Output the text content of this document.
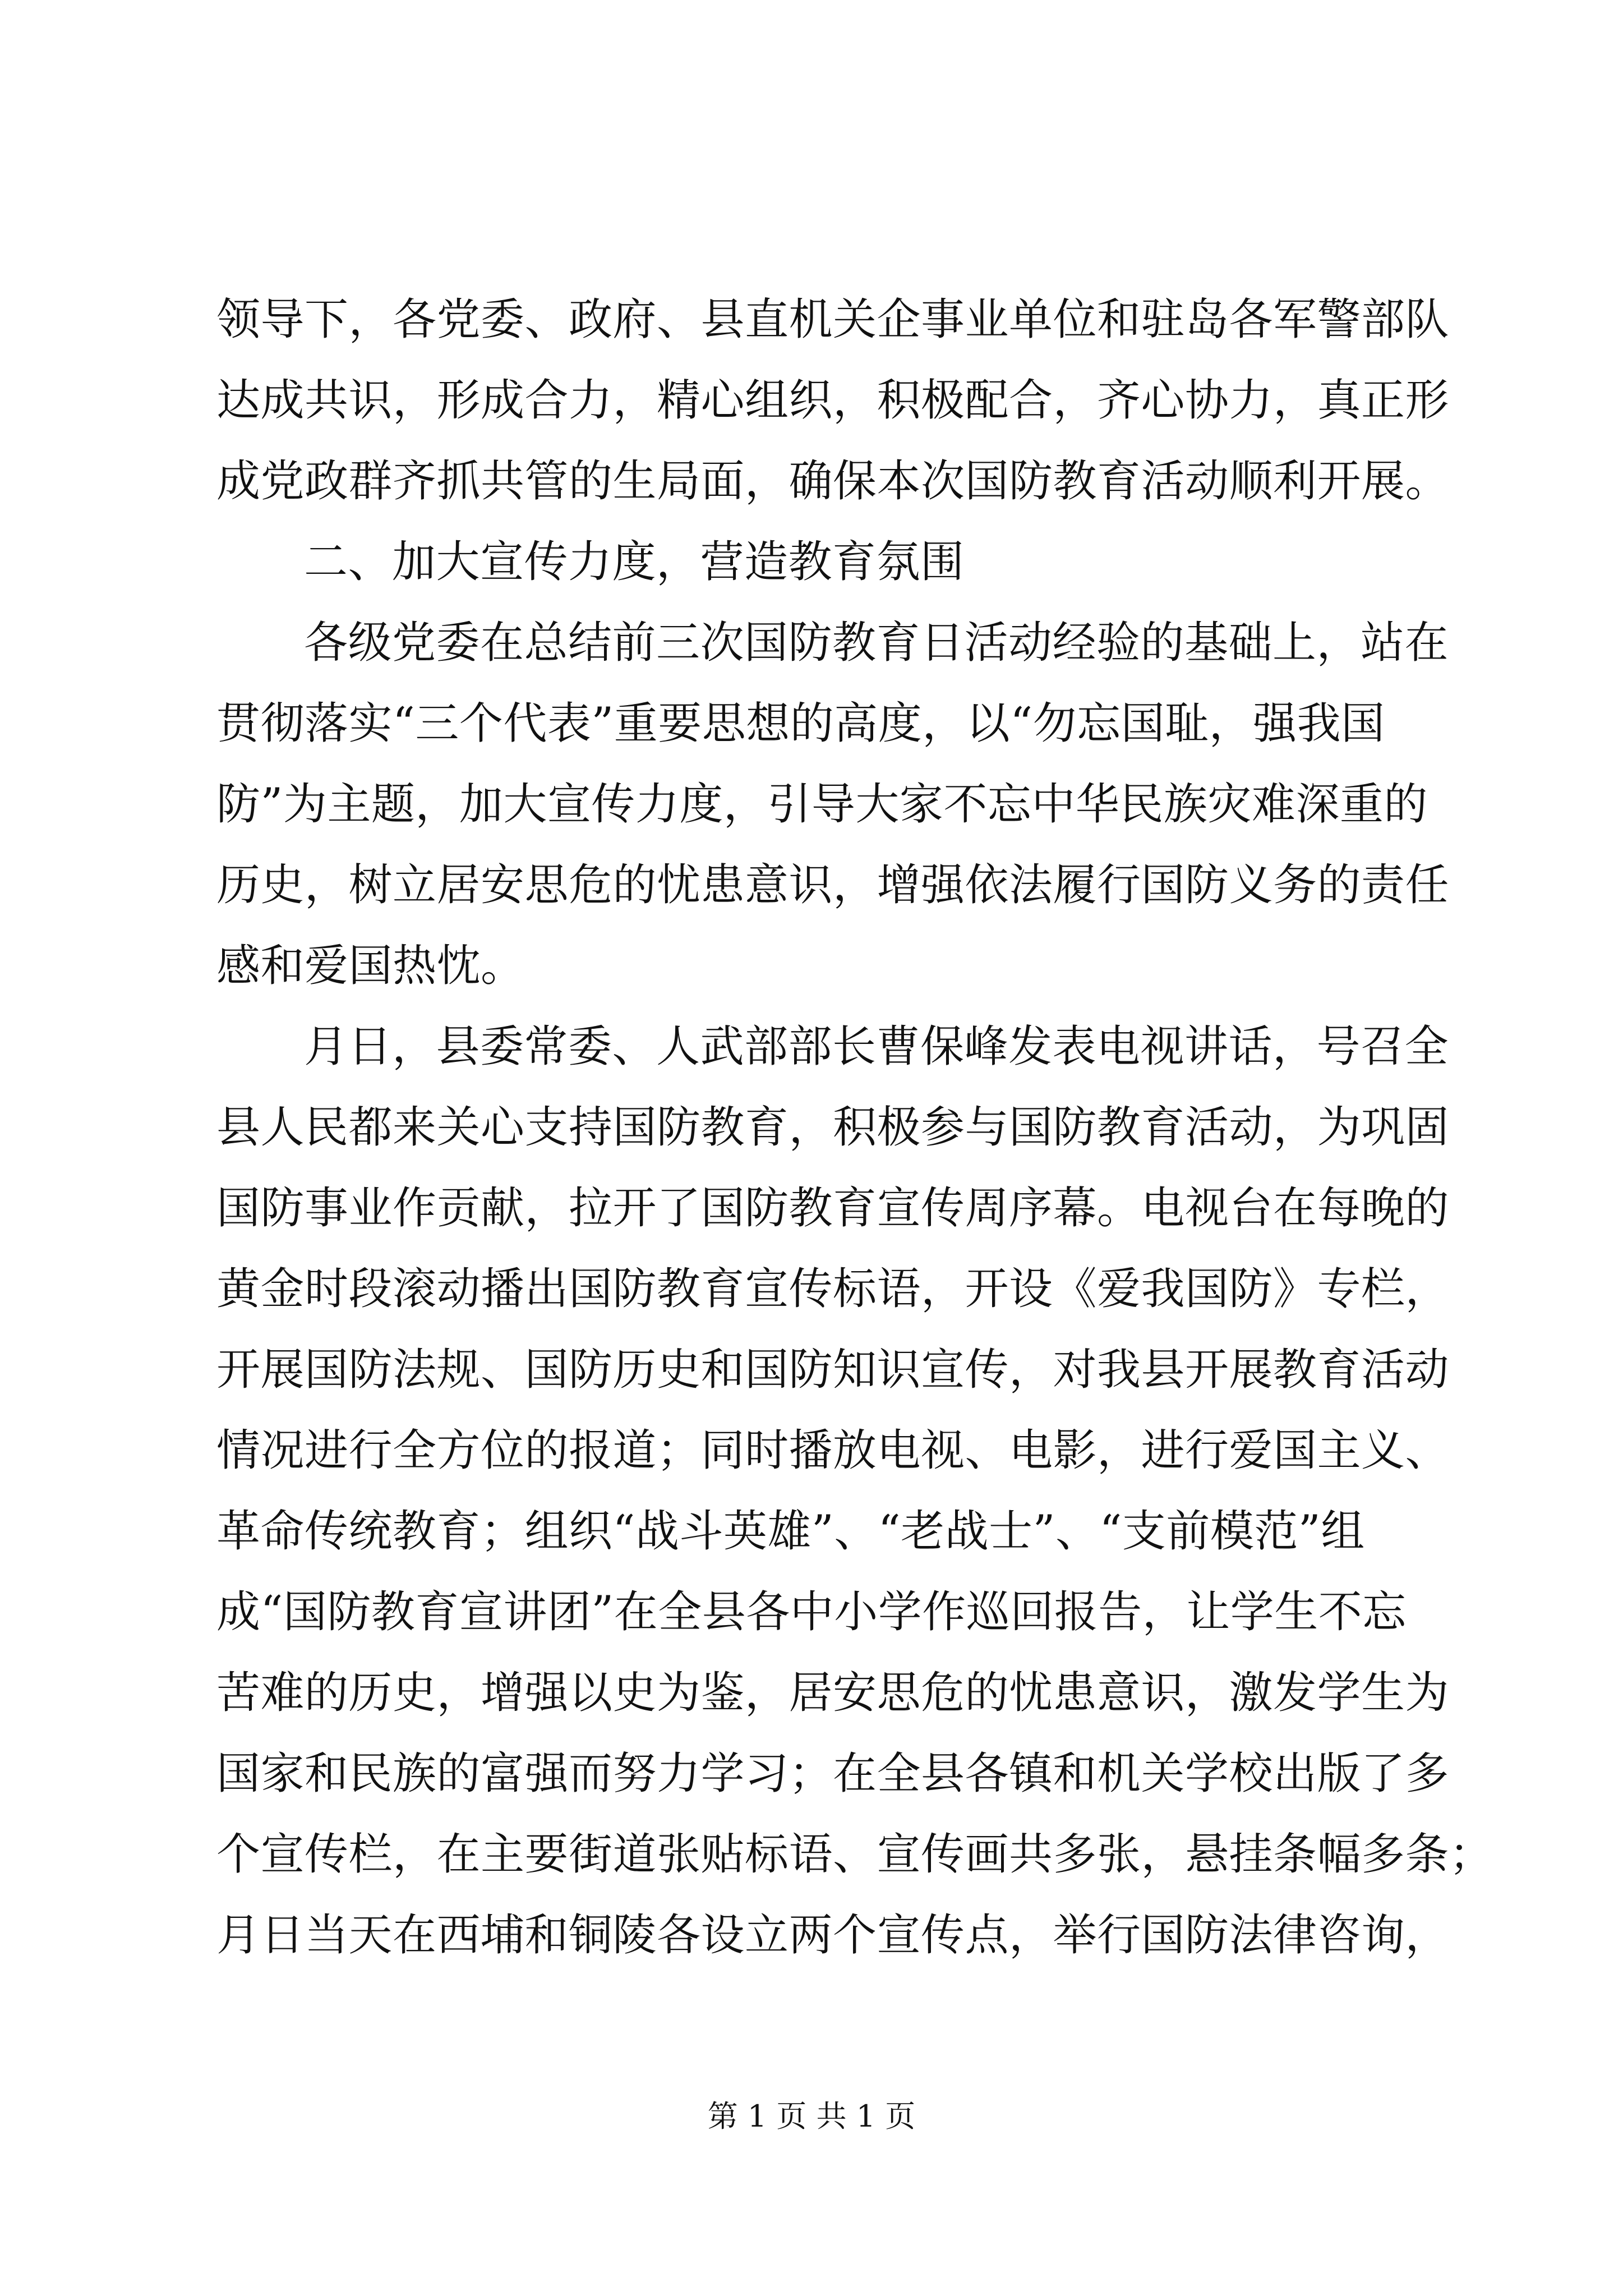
领导下，各党委、政府、县直机关企事业单位和驻岛各军警部队
达成共识，形成合力，精心组织，积极配合，齐心协力，真正形
成党政群齐抓共管的生局面，确保本次国防教育活动顺利开展。
二、加大宣传力度，营造教育氛围
各级党委在总结前三次国防教育日活动经验的基础上，站在
贯彻落实“三个代表”重要思想的高度，以“勿忘国耻，强我国
防”为主题，加大宣传力度，引导大家不忘中华民族灾难深重的
历史，树立居安思危的忧患意识，增强依法履行国防义务的责任
感和爱国热忱。
月日，县委常委、人武部部长曹保峰发表电视讲话，号召全
县人民都来关心支持国防教育，积极参与国防教育活动，为巩固
国防事业作贡献，拉开了国防教育宣传周序幕。电视台在每晚的
黄金时段滚动播出国防教育宣传标语，开设《爱我国防》专栏，
开展国防法规、国防历史和国防知识宣传，对我县开展教育活动
情况进行全方位的报道；同时播放电视、电影，进行爱国主义、
革命传统教育；组织“战斗英雄”、“老战士”、“支前模范”组
成“国防教育宣讲团”在全县各中小学作巡回报告，让学生不忘
苦难的历史，增强以史为鉴，居安思危的忧患意识，激发学生为
国家和民族的富强而努力学习；在全县各镇和机关学校出版了多
个宣传栏，在主要街道张贴标语、宣传画共多张，悬挂条幅多条；
月日当天在西埔和铜陵各设立两个宣传点，举行国防法律咨询，
第 1 页 共 1 页
